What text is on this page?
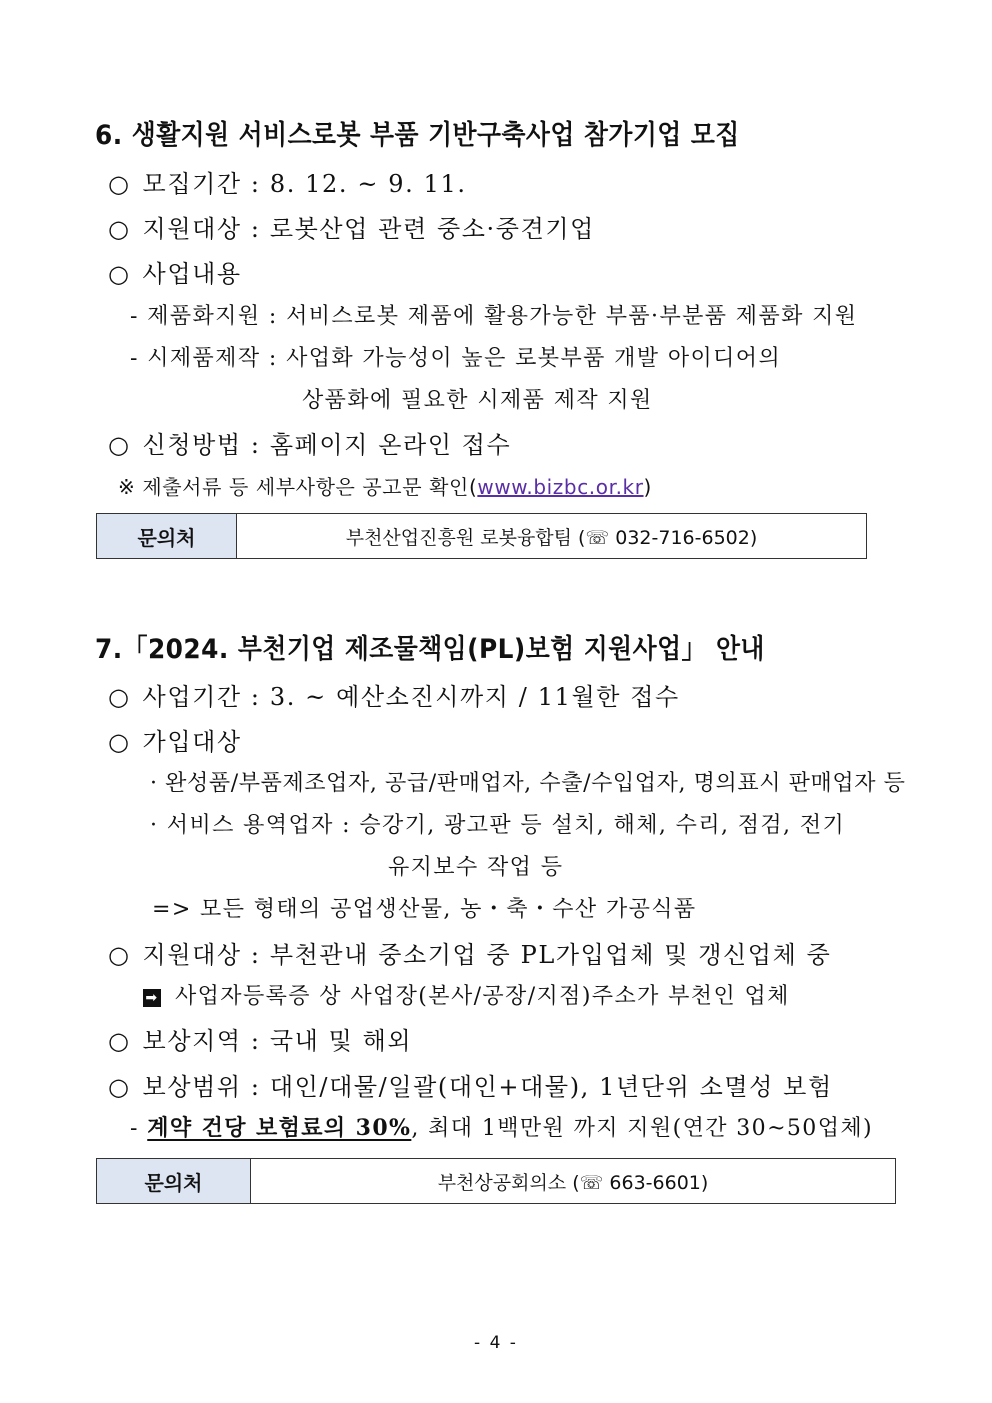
6. 생활지원 서비스로봇 부품 기반구축사업 참가기업 모집
○ 모집기간 : 8. 12. ~ 9. 11.
○ 지원대상 : 로봇산업 관련 중소·중견기업
○ 사업내용
- 제품화지원 : 서비스로봇 제품에 활용가능한 부품·부분품 제품화 지원
- 시제품제작 : 사업화 가능성이 높은 로봇부품 개발 아이디어의
상품화에 필요한 시제품 제작 지원
○ 신청방법 : 홈페이지 온라인 접수
※ 제출서류 등 세부사항은 공고문 확인(www.bizbc.or.kr)
문의처	부천산업진흥원 로봇융합팀 (☏ 032-716-6502)
7.「2024. 부천기업 제조물책임(PL)보험 지원사업」 안내
○ 사업기간 : 3. ~ 예산소진시까지 / 11월한 접수
○ 가입대상
· 완성품/부품제조업자, 공급/판매업자, 수출/수입업자, 명의표시 판매업자 등
· 서비스 용역업자 : 승강기, 광고판 등 설치, 해체, 수리, 점검, 전기
유지보수 작업 등
=> 모든 형태의 공업생산물, 농・축・수산 가공식품
○ 지원대상 : 부천관내 중소기업 중 PL가입업체 및 갱신업체 중
➡ 사업자등록증 상 사업장(본사/공장/지점)주소가 부천인 업체
○ 보상지역 : 국내 및 해외
○ 보상범위 : 대인/대물/일괄(대인+대물), 1년단위 소멸성 보험
- 계약 건당 보험료의 30%, 최대 1백만원 까지 지원(연간 30~50업체)
문의처	부천상공회의소 (☏ 663-6601)
- 4 -
